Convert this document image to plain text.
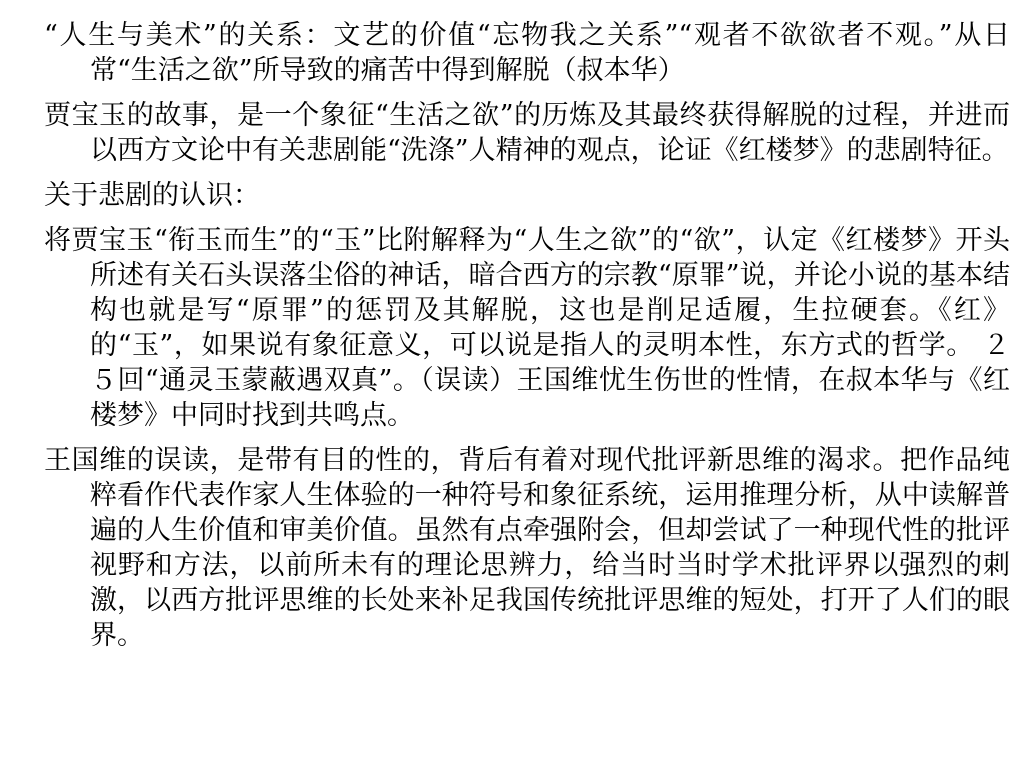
“人生与美术”的关系：文艺的价值“忘物我之关系”“观者不欲欲者不观。”从日常“生活之欲”所导致的痛苦中得到解脱（叔本华）

贾宝玉的故事，是一个象征“生活之欲”的历炼及其最终获得解脱的过程，并进而以西方文论中有关悲剧能“洗涤”人精神的观点，论证《红楼梦》的悲剧特征。

关于悲剧的认识：

将贾宝玉“衔玉而生”的“玉”比附解释为“人生之欲”的“欲”，认定《红楼梦》开头所述有关石头误落尘俗的神话，暗合西方的宗教“原罪”说，并论小说的基本结构也就是写“原罪”的惩罚及其解脱，这也是削足适履，生拉硬套。《红》的“玉”，如果说有象征意义，可以说是指人的灵明本性，东方式的哲学。 ２５回“通灵玉蒙蔽遇双真”。（误读）王国维忧生伤世的性情，在叔本华与《红楼梦》中同时找到共鸣点。

王国维的误读，是带有目的性的，背后有着对现代批评新思维的渴求。把作品纯粹看作代表作家人生体验的一种符号和象征系统，运用推理分析，从中读解普遍的人生价值和审美价值。虽然有点牵强附会，但却尝试了一种现代性的批评视野和方法，以前所未有的理论思辨力，给当时当时学术批评界以强烈的刺激，以西方批评思维的长处来补足我国传统批评思维的短处，打开了人们的眼界。
